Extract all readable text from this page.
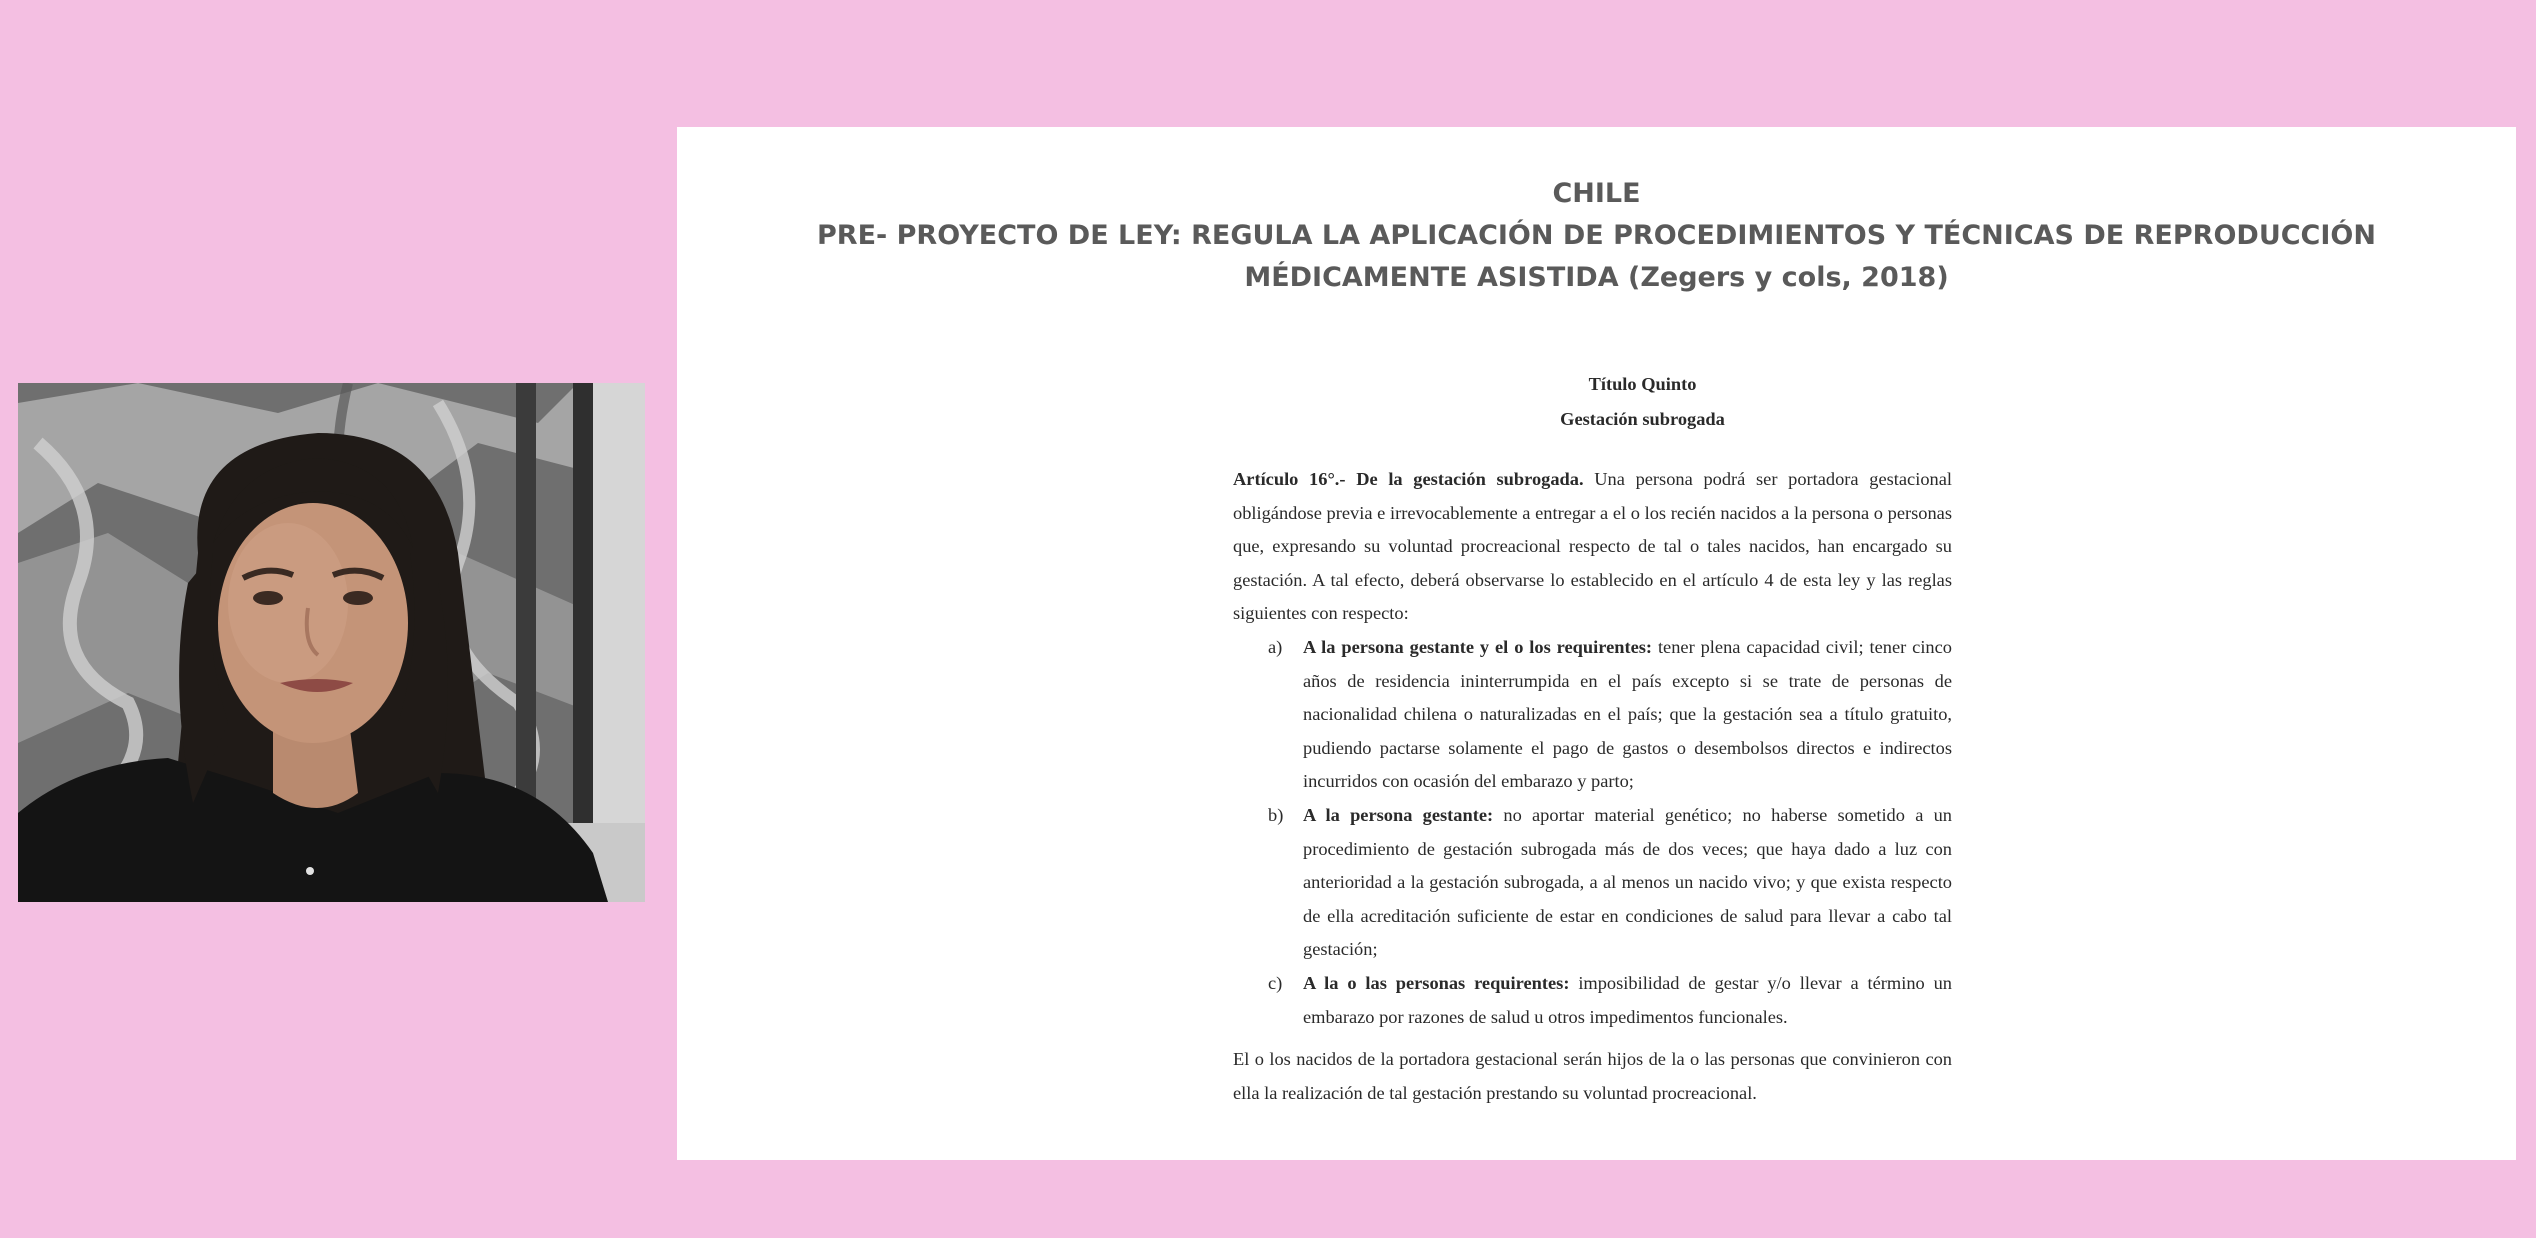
CHILE
PRE- PROYECTO DE LEY: REGULA LA APLICACIÓN DE PROCEDIMIENTOS Y TÉCNICAS DE REPRODUCCIÓN
MÉDICAMENTE ASISTIDA (Zegers y cols, 2018)
Título Quinto
Gestación subrogada

Artículo 16°.- De la gestación subrogada. Una persona podrá ser portadora gestacional obligándose previa e irrevocablemente a entregar a el o los recién nacidos a la persona o personas que, expresando su voluntad procreacional respecto de tal o tales nacidos, han encargado su gestación. A tal efecto, deberá observarse lo establecido en el artículo 4 de esta ley y las reglas siguientes con respecto:

a) A la persona gestante y el o los requirentes: tener plena capacidad civil; tener cinco años de residencia ininterrumpida en el país excepto si se trate de personas de nacionalidad chilena o naturalizadas en el país; que la gestación sea a título gratuito, pudiendo pactarse solamente el pago de gastos o desembolsos directos e indirectos incurridos con ocasión del embarazo y parto;
b) A la persona gestante: no aportar material genético; no haberse sometido a un procedimiento de gestación subrogada más de dos veces; que haya dado a luz con anterioridad a la gestación subrogada, a al menos un nacido vivo; y que exista respecto de ella acreditación suficiente de estar en condiciones de salud para llevar a cabo tal gestación;
c) A la o las personas requirentes: imposibilidad de gestar y/o llevar a término un embarazo por razones de salud u otros impedimentos funcionales.

El o los nacidos de la portadora gestacional serán hijos de la o las personas que convinieron con ella la realización de tal gestación prestando su voluntad procreacional.
